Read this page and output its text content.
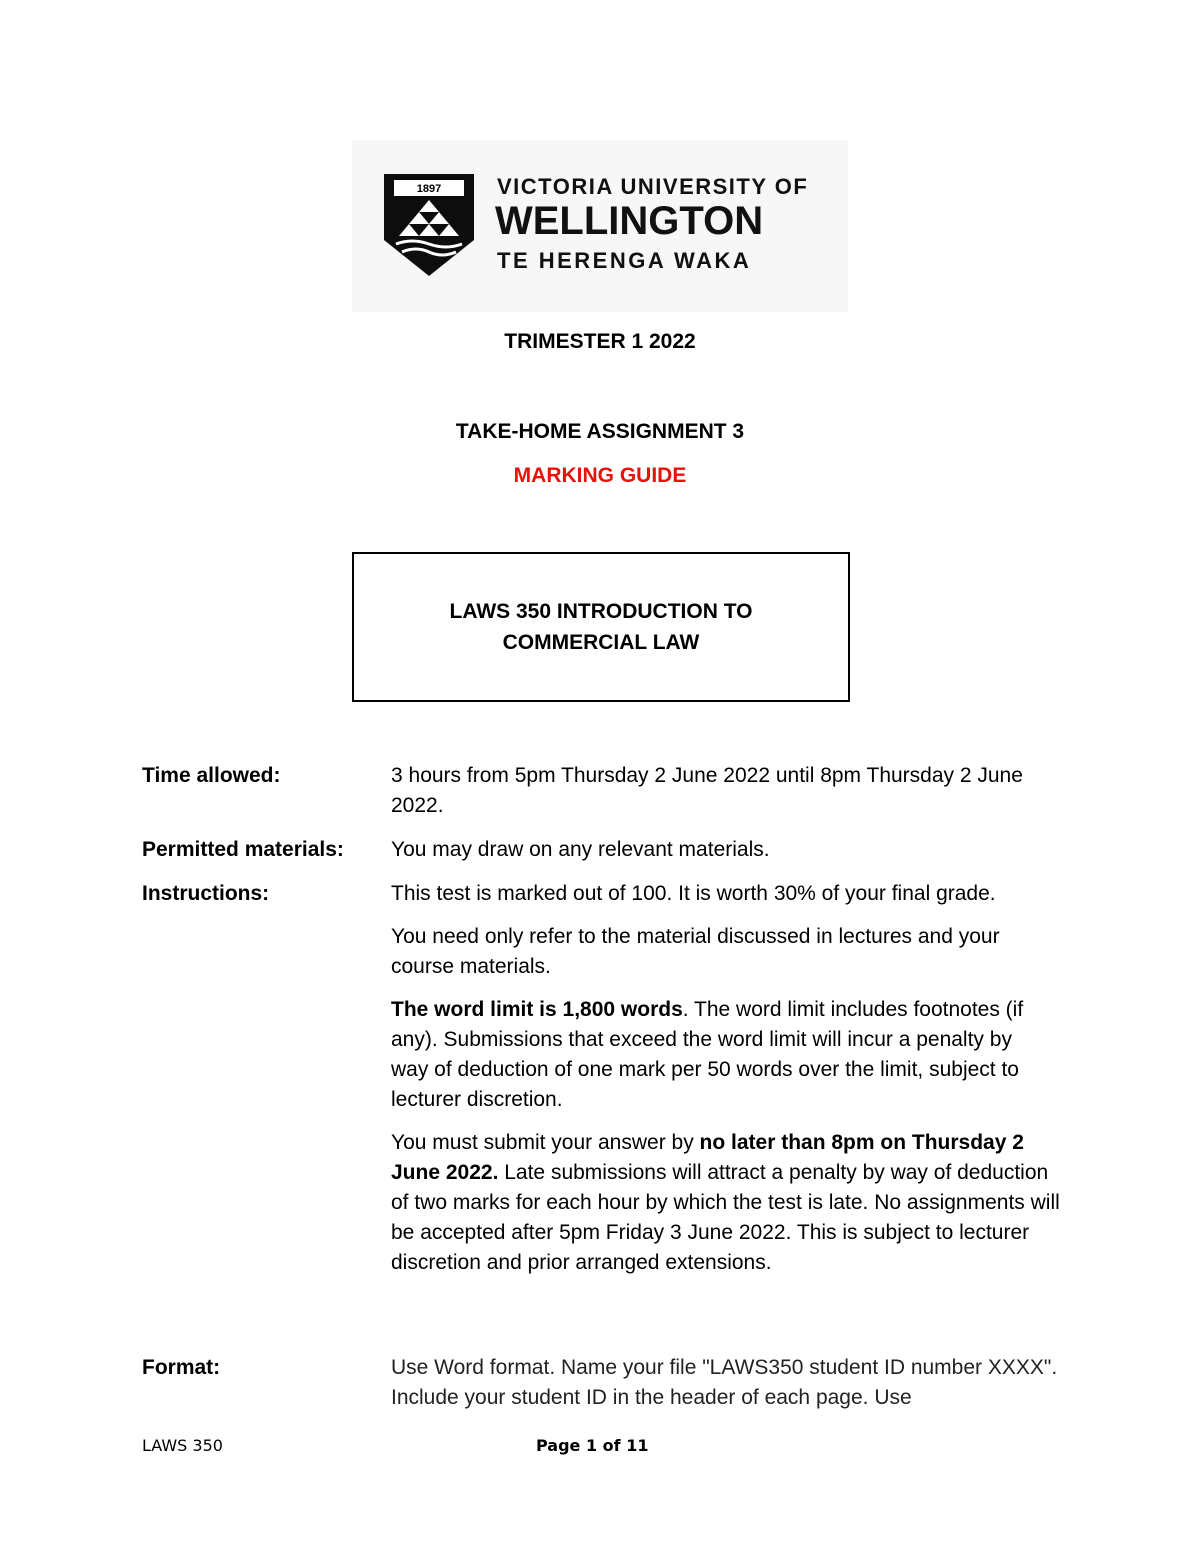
1897	VICTORIA UNIVERSITY OF
WELLINGTON
TE HERENGA WAKA
TRIMESTER 1 2022
TAKE-HOME ASSIGNMENT 3
MARKING GUIDE
LAWS 350 INTRODUCTION TO
COMMERCIAL LAW
Time allowed:	3 hours from 5pm Thursday 2 June 2022 until 8pm Thursday 2 June 2022.
Permitted materials: You may draw on any relevant materials.
Instructions:	This test is marked out of 100. It is worth 30% of your final grade.

You need only refer to the material discussed in lectures and your course materials.

The word limit is 1,800 words. The word limit includes footnotes (if any). Submissions that exceed the word limit will incur a penalty by way of deduction of one mark per 50 words over the limit, subject to lecturer discretion.

You must submit your answer by no later than 8pm on Thursday 2 June 2022. Late submissions will attract a penalty by way of deduction of two marks for each hour by which the test is late. No assignments will be accepted after 5pm Friday 3 June 2022. This is subject to lecturer discretion and prior arranged extensions.

Format:	Use Word format. Name your file "LAWS350 student ID number XXXX". Include your student ID in the header of each page. Use
LAWS 350	Page 1 of 11
